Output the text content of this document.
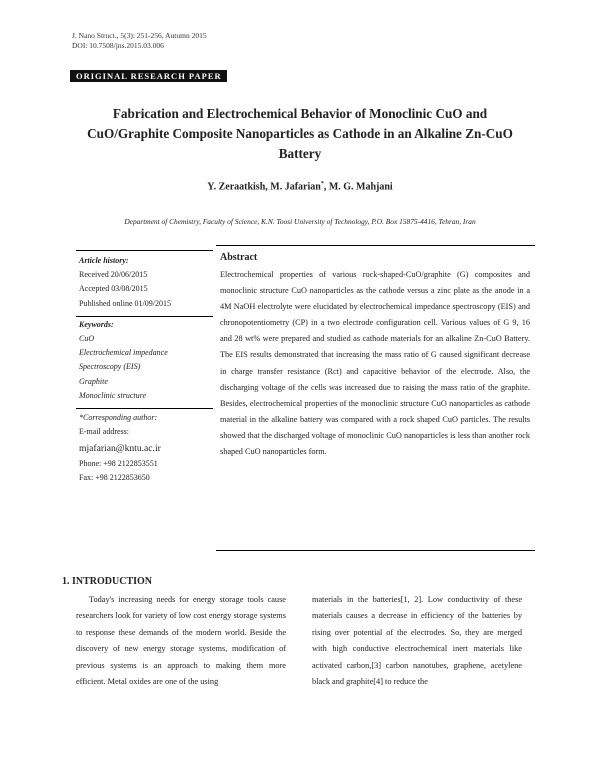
J. Nano Struct., 5(3): 251-256, Autumn 2015
DOI: 10.7508/jns.2015.03.006
ORIGINAL RESEARCH PAPER
Fabrication and Electrochemical Behavior of Monoclinic CuO and
CuO/Graphite Composite Nanoparticles as Cathode in an Alkaline Zn-CuO
Battery
Y. Zeraatkish, M. Jafarian*, M. G. Mahjani
Department of Chemistry, Faculty of Science, K.N. Toosi University of Technology, P.O. Box 15875-4416, Tehran, Iran
Article history:
Received 20/06/2015
Accepted 03/08/2015
Published online 01/09/2015
Keywords:
CuO
Electrochemical impedance
Spectroscopy (EIS)
Graphite
Monoclinic structure
*Corresponding author:
E-mail address:
mjafarian@kntu.ac.ir
Phone: +98 2122853551
Fax: +98 2122853650
Abstract
Electrochemical properties of various rock-shaped-CuO/graphite (G) composites and monoclinic structure CuO nanoparticles as the cathode versus a zinc plate as the anode in a 4M NaOH electrolyte were elucidated by electrochemical impedance spectroscopy (EIS) and chronopotentiometry (CP) in a two electrode configuration cell. Various values of G 9, 16 and 28 wt% were prepared and studied as cathode materials for an alkaline Zn-CuO Battery. The EIS results demonstrated that increasing the mass ratio of G caused significant decrease in charge transfer resistance (Rct) and capacitive behavior of the electrode. Also, the discharging voltage of the cells was increased due to raising the mass ratio of the graphite. Besides, electrochemical properties of the monoclinic structure CuO nanoparticles as cathode material in the alkaline battery was compared with a rock shaped CuO particles. The results showed that the discharged voltage of monoclinic CuO nanoparticles is less than another rock shaped CuO nanoparticles form.
1. INTRODUCTION
Today's increasing needs for energy storage tools cause researchers look for variety of low cost energy storage systems to response these demands of the modern world. Beside the discovery of new energy storage systems, modification of previous systems is an approach to making them more efficient. Metal oxides are one of the using
materials in the batteries[1, 2]. Low conductivity of these materials causes a decrease in efficiency of the batteries by rising over potential of the electrodes. So, they are merged with high conductive electrochemical inert materials like activated carbon,[3] carbon nanotubes, graphene, acetylene black and graphite[4] to reduce the
